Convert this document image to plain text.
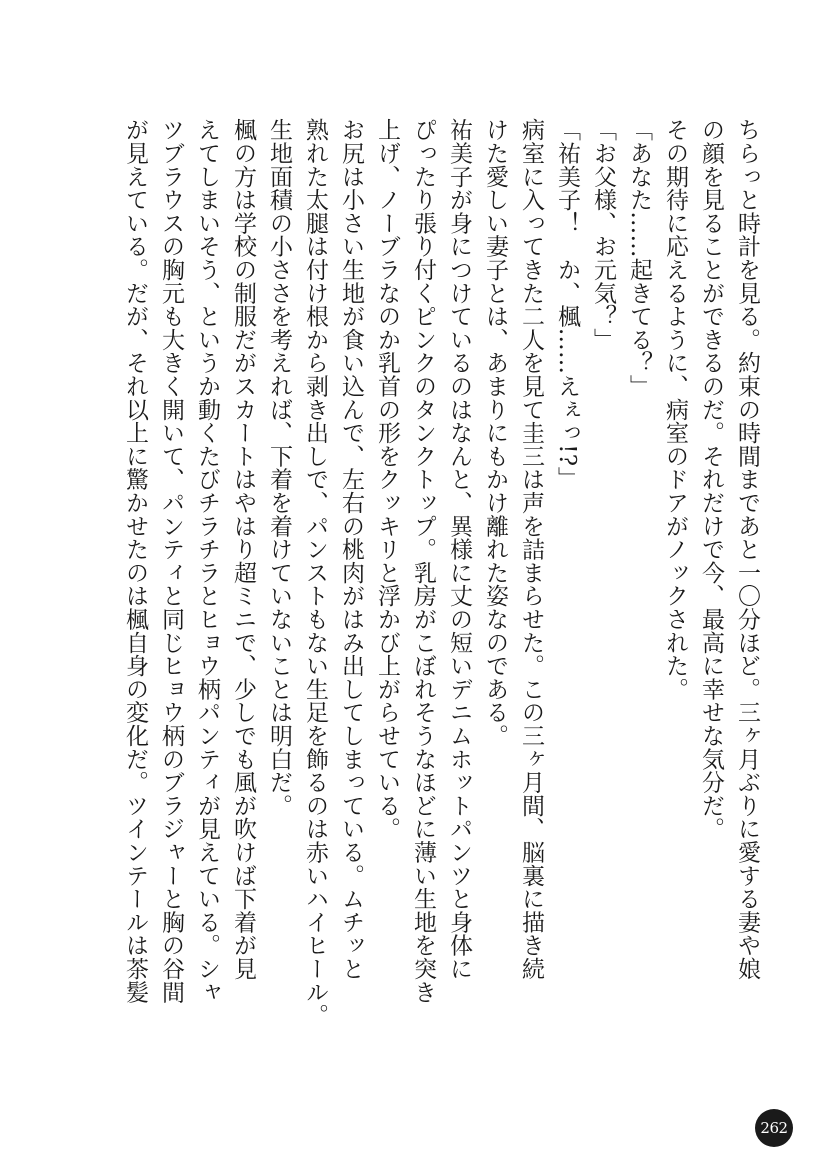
ちらっと時計を見る。約束の時間まであと一〇分ほど。三ヶ月ぶりに愛する妻や娘
の顔を見ることができるのだ。それだけで今、最高に幸せな気分だ。
その期待に応えるように、病室のドアがノックされた。
「あなた……起きてる？」
「お父様、お元気？」
「祐美子！　か、楓……えぇっ!?」
病室に入ってきた二人を見て圭三は声を詰まらせた。この三ヶ月間、脳裏に描き続
けた愛しい妻子とは、あまりにもかけ離れた姿なのである。
祐美子が身につけているのはなんと、異様に丈の短いデニムホットパンツと身体に
ぴったり張り付くピンクのタンクトップ。乳房がこぼれそうなほどに薄い生地を突き
上げ、ノーブラなのか乳首の形をクッキリと浮かび上がらせている。
お尻は小さい生地が食い込んで、左右の桃肉がはみ出してしまっている。ムチッと
熟れた太腿は付け根から剥き出しで、パンストもない生足を飾るのは赤いハイヒール。
生地面積の小ささを考えれば、下着を着けていないことは明白だ。
楓の方は学校の制服だがスカートはやはり超ミニで、少しでも風が吹けば下着が見
えてしまいそう、というか動くたびチラチラとヒョウ柄パンティが見えている。シャ
ツブラウスの胸元も大きく開いて、パンティと同じヒョウ柄のブラジャーと胸の谷間
が見えている。だが、それ以上に驚かせたのは楓自身の変化だ。ツインテールは茶髪
262
